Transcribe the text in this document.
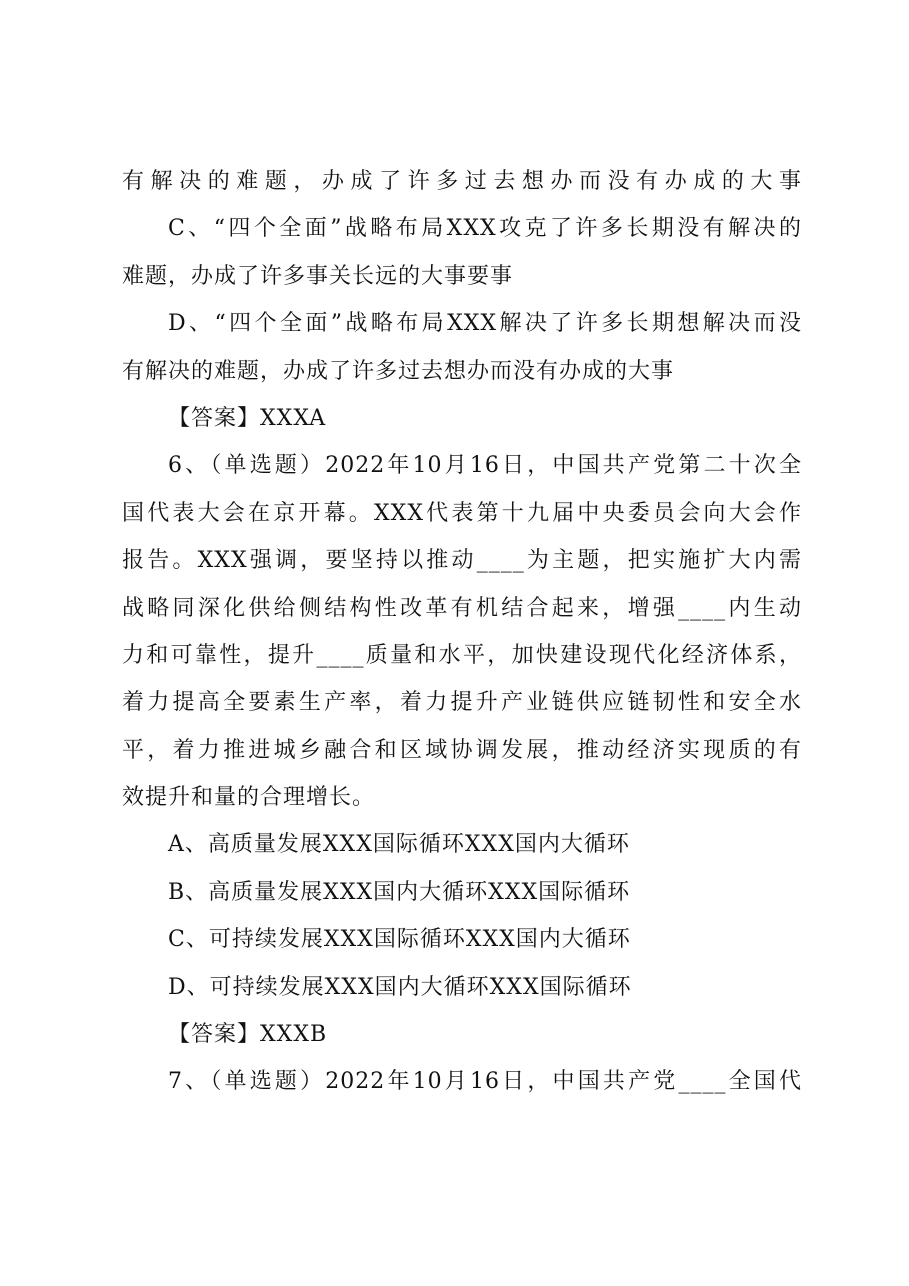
有解决的难题，办成了许多过去想办而没有办成的大事
C、“四个全面”战略布局XXX攻克了许多长期没有解决的
难题，办成了许多事关长远的大事要事
D、“四个全面”战略布局XXX解决了许多长期想解决而没
有解决的难题，办成了许多过去想办而没有办成的大事
【答案】XXXA
6、（单选题）2022年10月16日，中国共产党第二十次全
国代表大会在京开幕。XXX代表第十九届中央委员会向大会作
报告。XXX强调，要坚持以推动____为主题，把实施扩大内需
战略同深化供给侧结构性改革有机结合起来，增强____内生动
力和可靠性，提升____质量和水平，加快建设现代化经济体系，
着力提高全要素生产率，着力提升产业链供应链韧性和安全水
平，着力推进城乡融合和区域协调发展，推动经济实现质的有
效提升和量的合理增长。
A、高质量发展XXX国际循环XXX国内大循环
B、高质量发展XXX国内大循环XXX国际循环
C、可持续发展XXX国际循环XXX国内大循环
D、可持续发展XXX国内大循环XXX国际循环
【答案】XXXB
7、（单选题）2022年10月16日，中国共产党____全国代
